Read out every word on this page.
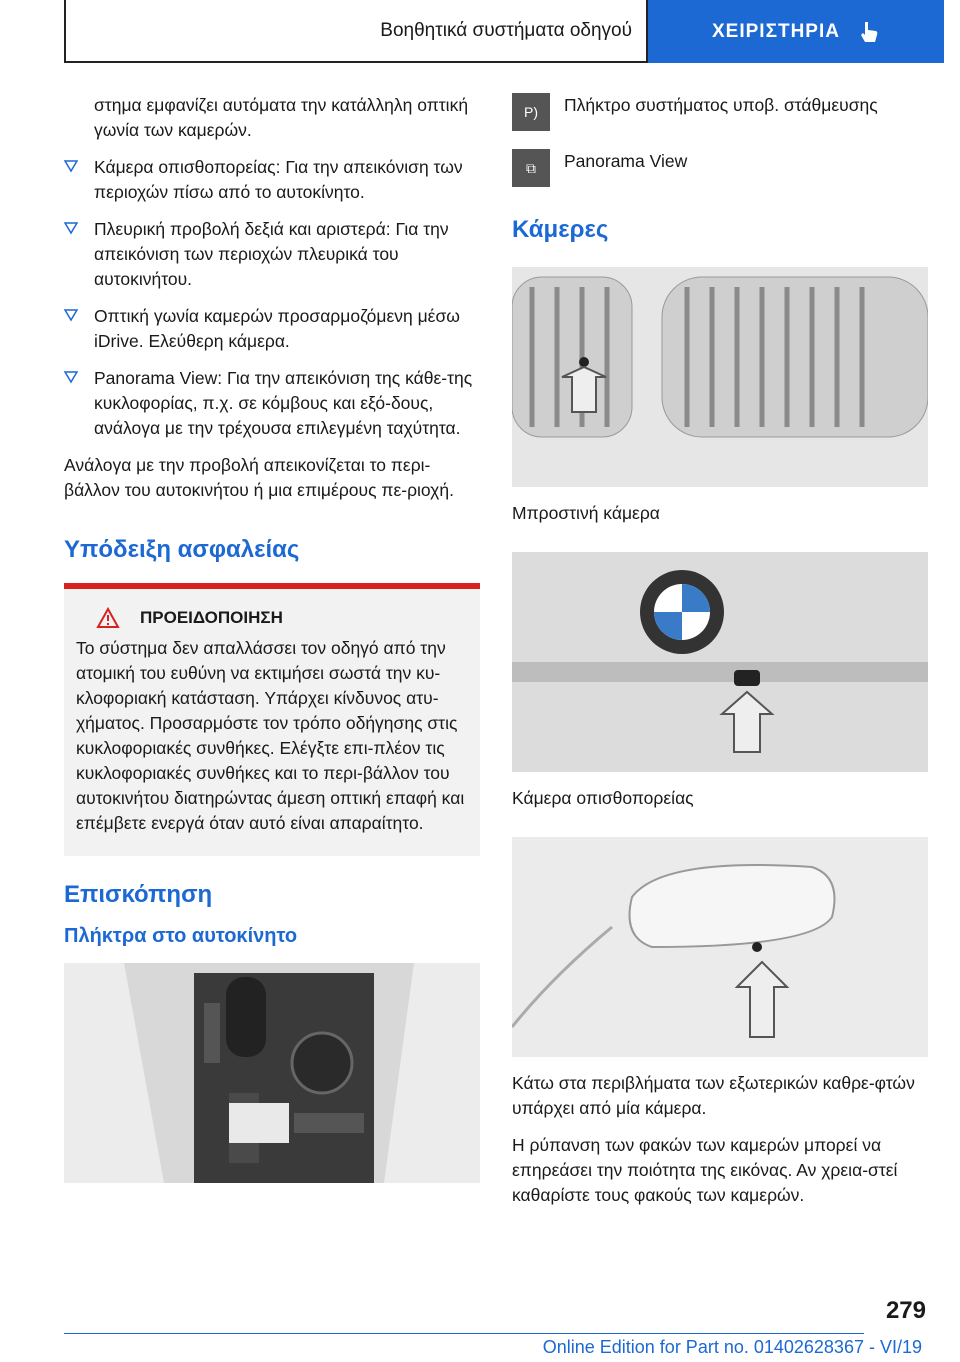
Βοηθητικά συστήματα οδηγού	ΧΕΙΡΙΣΤΗΡΙΑ

στημα εμφανίζει αυτόματα την κατάλληλη οπτική γωνία των καμερών.

Κάμερα οπισθοπορείας: Για την απεικόνιση των περιοχών πίσω από το αυτοκίνητο.
Πλευρική προβολή δεξιά και αριστερά: Για την απεικόνιση των περιοχών πλευρικά του αυτοκινήτου.
Οπτική γωνία καμερών προσαρμοζόμενη μέσω iDrive. Ελεύθερη κάμερα.
Panorama View: Για την απεικόνιση της κάθε-της κυκλοφορίας, π.χ. σε κόμβους και εξό-δους, ανάλογα με την τρέχουσα επιλεγμένη ταχύτητα.

Ανάλογα με την προβολή απεικονίζεται το περι-βάλλον του αυτοκινήτου ή μια επιμέρους πε-ριοχή.

Υπόδειξη ασφαλείας
ΠΡΟΕΙΔΟΠΟΙΗΣΗ

Το σύστημα δεν απαλλάσσει τον οδηγό από την ατομική του ευθύνη να εκτιμήσει σωστά την κυ-κλοφοριακή κατάσταση. Υπάρχει κίνδυνος ατυ-χήματος. Προσαρμόστε τον τρόπο οδήγησης στις κυκλοφοριακές συνθήκες. Ελέγξτε επι-πλέον τις κυκλοφοριακές συνθήκες και το περι-βάλλον του αυτοκινήτου διατηρώντας άμεση οπτική επαφή και επέμβετε ενεργά όταν αυτό είναι απαραίτητο.

Επισκόπηση
Πλήκτρα στο αυτοκίνητο
P)	Πλήκτρο συστήματος υποβ. στάθμευσης
⧉	Panorama View
Κάμερες

Μπροστινή κάμερα

Κάμερα οπισθοπορείας

Κάτω στα περιβλήματα των εξωτερικών καθρε-φτών υπάρχει από μία κάμερα.

Η ρύπανση των φακών των καμερών μπορεί να επηρεάσει την ποιότητα της εικόνας. Αν χρεια-στεί καθαρίστε τους φακούς των καμερών.

279
Online Edition for Part no. 01402628367 - VI/19
